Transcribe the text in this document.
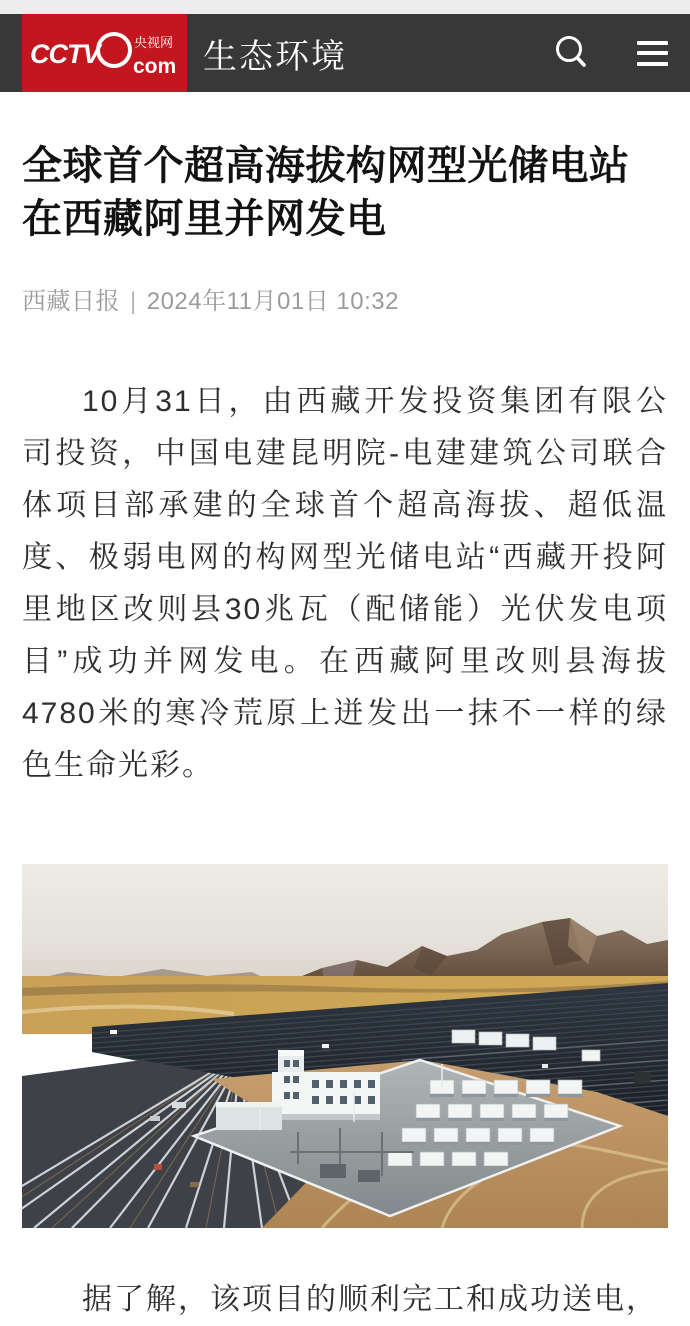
CCTV	央视网
com 生态环境
全球首个超高海拔构网型光储电站在西藏阿里并网发电
西藏日报 | 2024年11月01日 10:32

10月31日，由西藏开发投资集团有限公司投资，中国电建昆明院-电建建筑公司联合体项目部承建的全球首个超高海拔、超低温度、极弱电网的构网型光储电站“西藏开投阿里地区改则县30兆瓦（配储能）光伏发电项目”成功并网发电。在西藏阿里改则县海拔4780米的寒冷荒原上迸发出一抹不一样的绿色生命光彩。

据了解，该项目的顺利完工和成功送电，
